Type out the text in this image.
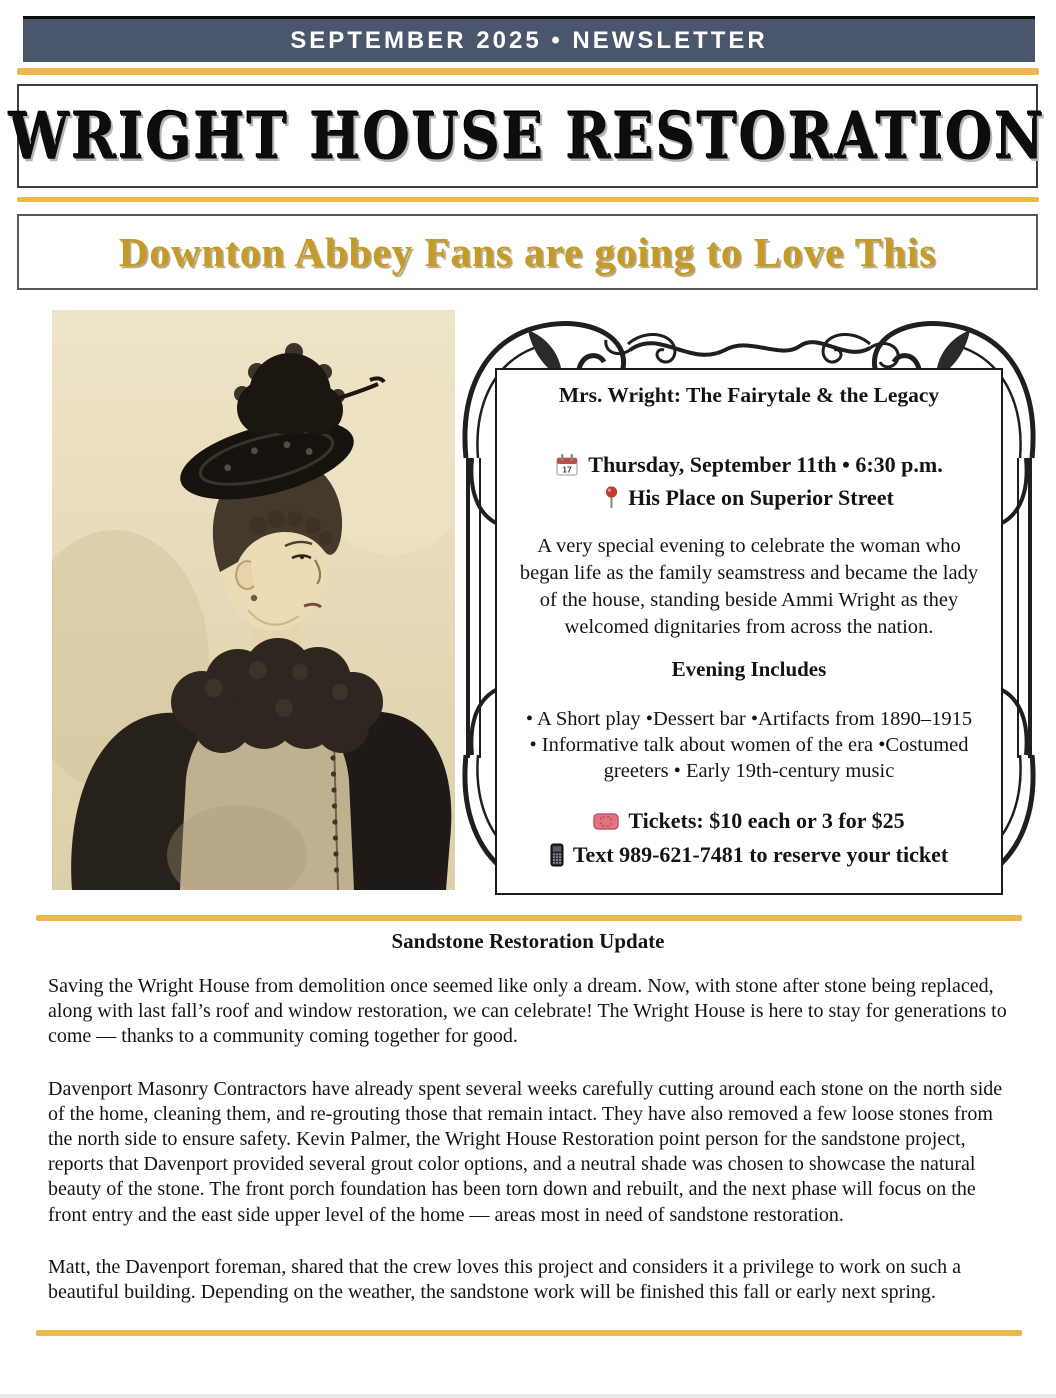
SEPTEMBER 2025 • NEWSLETTER
WRIGHT HOUSE RESTORATION
Downton Abbey Fans are going to Love This
Mrs. Wright: The Fairytale & the Legacy
17 Thursday, September 11th • 6:30 p.m.
His Place on Superior Street

A very special evening to celebrate the woman who began life as the family seamstress and became the lady of the house, standing beside Ammi Wright as they welcomed dignitaries from across the nation.

Evening Includes
• A Short play •Dessert bar •Artifacts from 1890–1915
• Informative talk about women of the era •Costumed
greeters • Early 19th-century music
Tickets: $10 each or 3 for $25
Text 989-621-7481 to reserve your ticket
Sandstone Restoration Update

Saving the Wright House from demolition once seemed like only a dream. Now, with stone after stone being replaced, along with last fall’s roof and window restoration, we can celebrate! The Wright House is here to stay for generations to come — thanks to a community coming together for good.

Davenport Masonry Contractors have already spent several weeks carefully cutting around each stone on the north side of the home, cleaning them, and re-grouting those that remain intact. They have also removed a few loose stones from the north side to ensure safety. Kevin Palmer, the Wright House Restoration point person for the sandstone project, reports that Davenport provided several grout color options, and a neutral shade was chosen to showcase the natural beauty of the stone. The front porch foundation has been torn down and rebuilt, and the next phase will focus on the front entry and the east side upper level of the home — areas most in need of sandstone restoration.

Matt, the Davenport foreman, shared that the crew loves this project and considers it a privilege to work on such a beautiful building. Depending on the weather, the sandstone work will be finished this fall or early next spring.
